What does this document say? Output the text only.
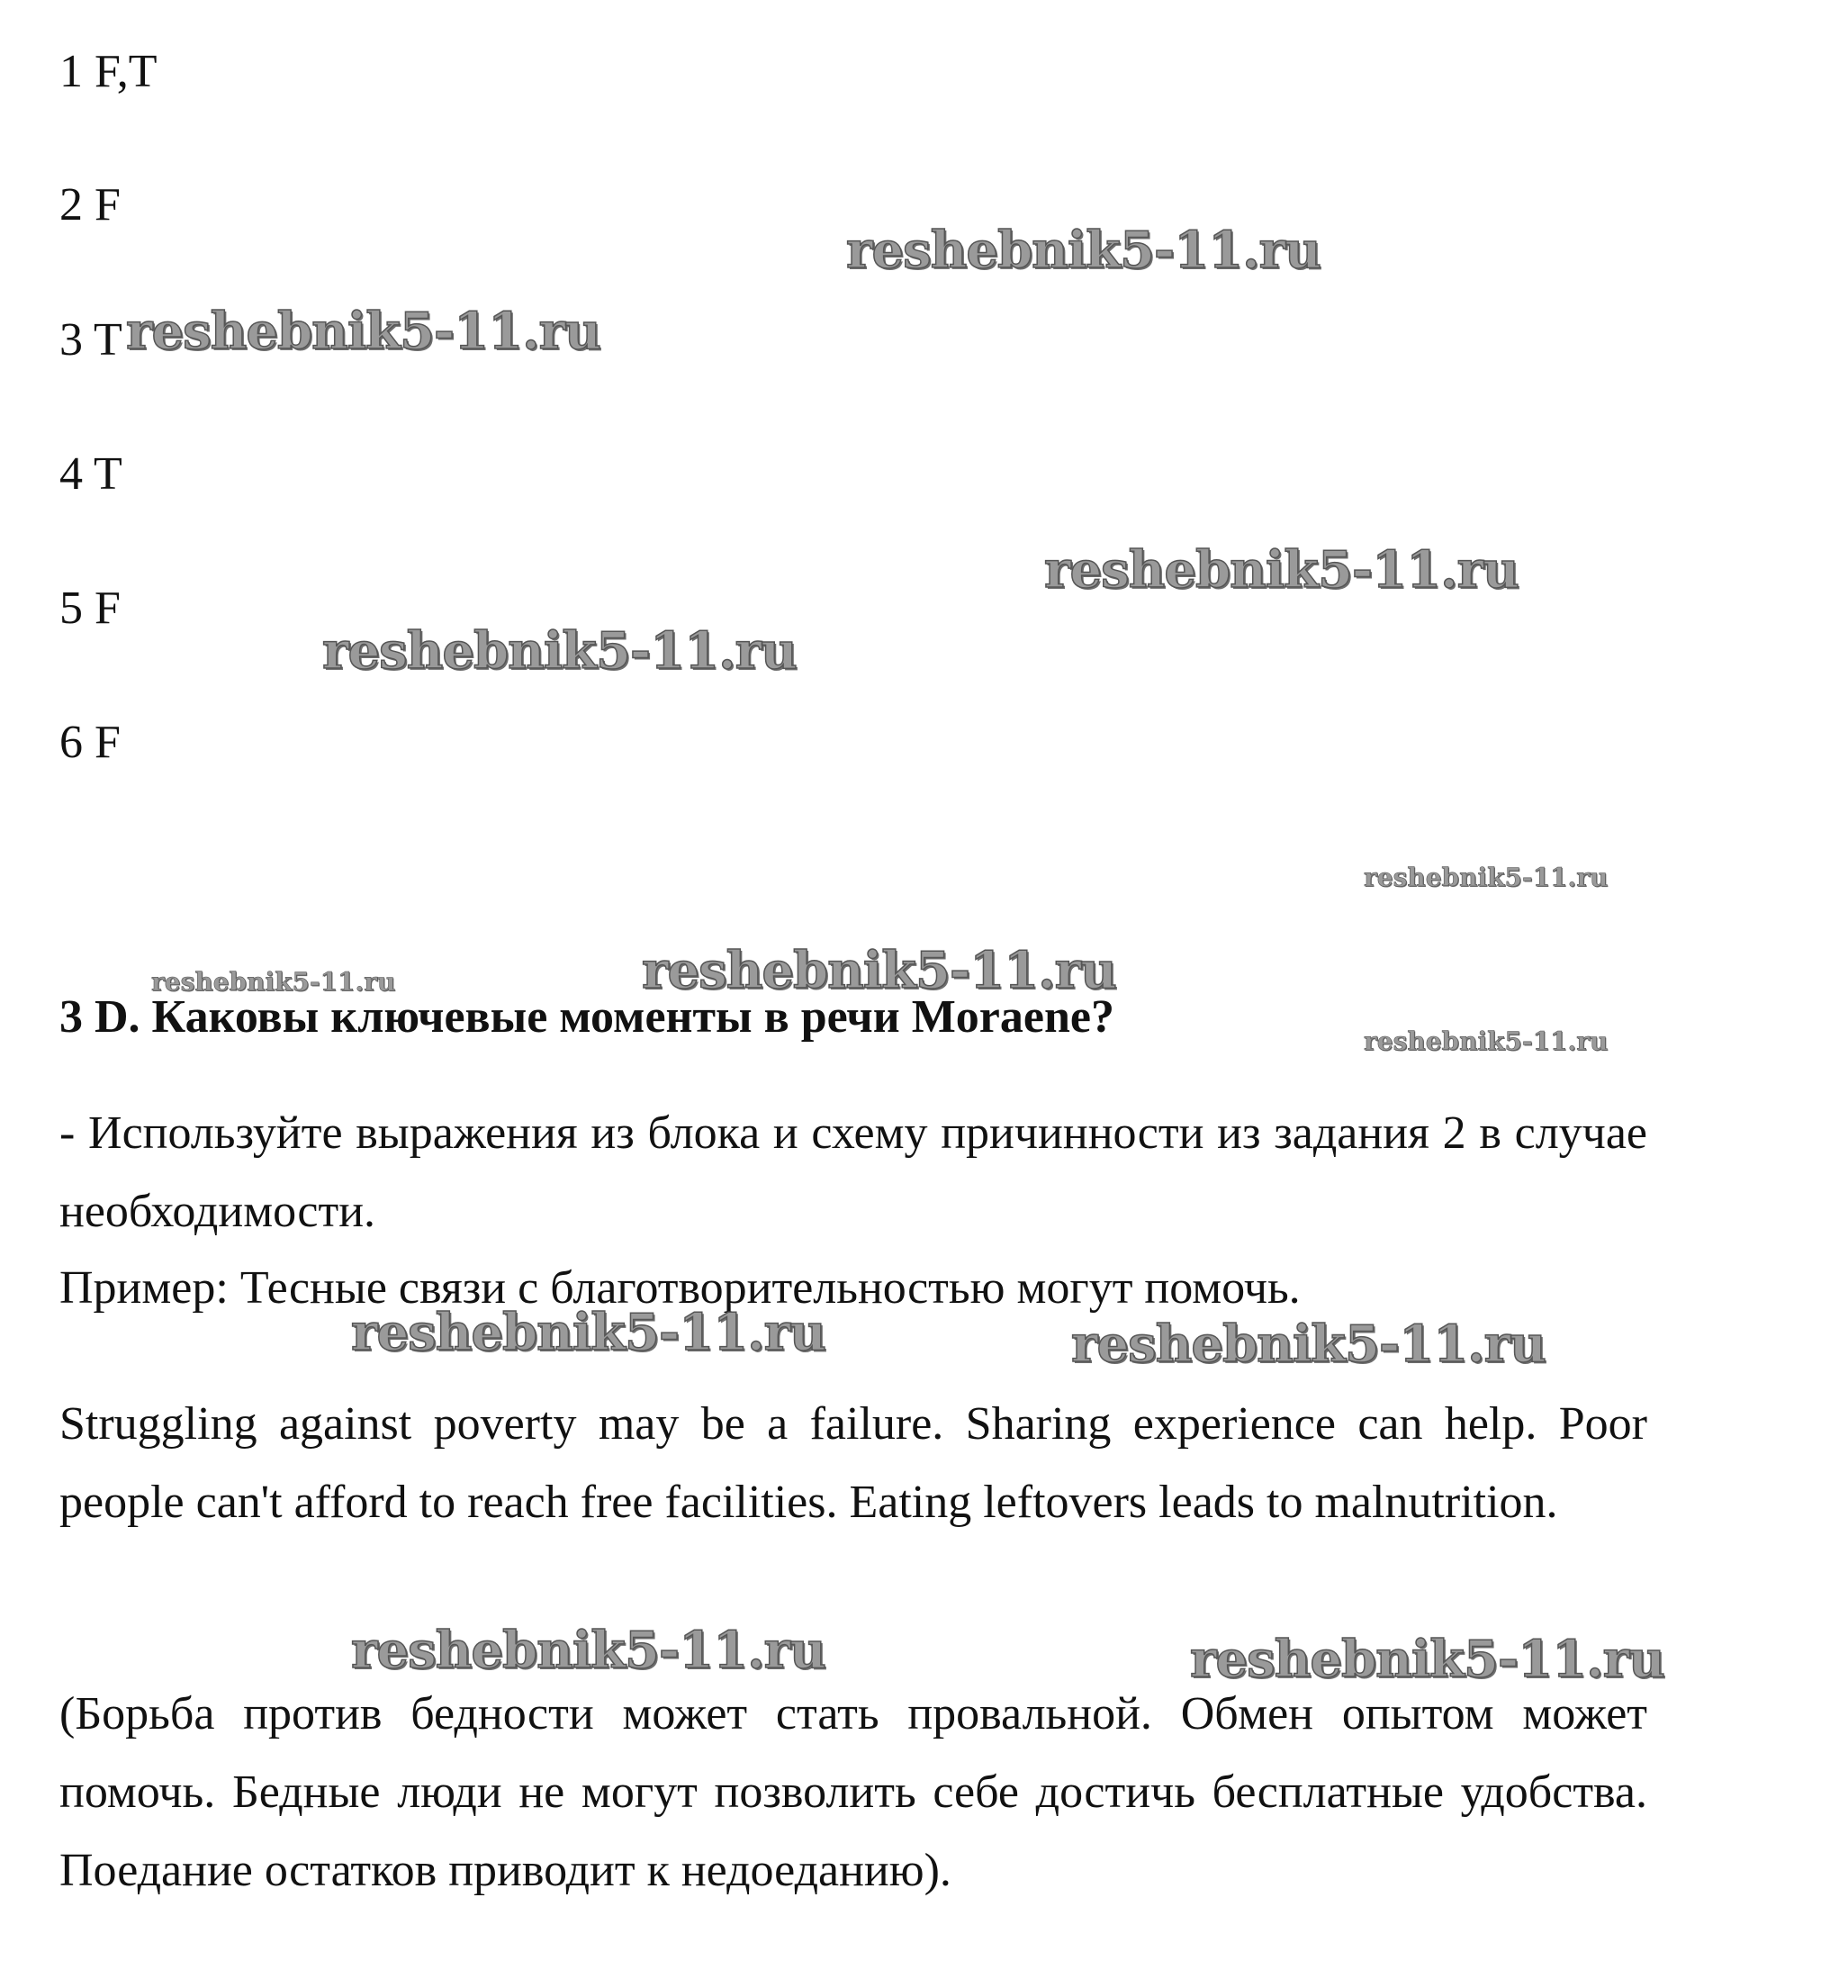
1 F,T
2 F
3 T
4 T
5 F
6 F
3 D. Каковы ключевые моменты в речи Moraene?
- Используйте выражения из блока и схему причинности из задания 2 в случае необходимости.
Пример: Тесные связи с благотворительностью могут помочь.
Struggling against poverty may be a failure. Sharing experience can help. Poor people can't afford to reach free facilities. Eating leftovers leads to malnutrition.
(Борьба против бедности может стать провальной. Обмен опытом может помочь. Бедные люди не могут позволить себе достичь бесплатные удобства. Поедание остатков приводит к недоеданию).
reshebnik5-11.ru
reshebnik5-11.ru
reshebnik5-11.ru
reshebnik5-11.ru
reshebnik5-11.ru
reshebnik5-11.ru	reshebnik5-11.ru
reshebnik5-11.ru
reshebnik5-11.ru	reshebnik5-11.ru
reshebnik5-11.ru	reshebnik5-11.ru
